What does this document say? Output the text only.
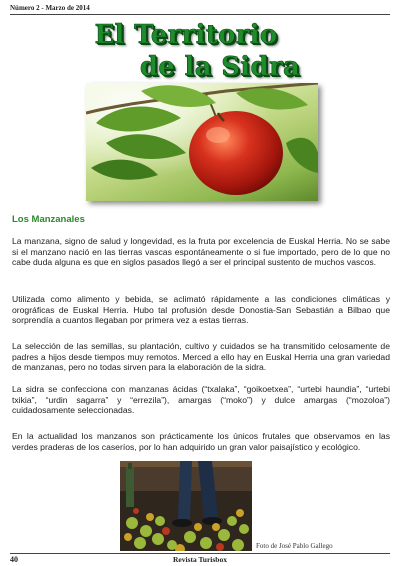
Número 2 - Marzo de 2014
El Territorio
de la Sidra
Los Manzanales

La manzana, signo de salud y longevidad, es la fruta por excelencia de Euskal Herria. No se sabe si el manzano nació en las tierras vascas espontáneamente o si fue importado, pero de lo que no cabe duda alguna es que en siglos pasados llegó a ser el principal sustento de muchos vascos.

Utilizada como alimento y bebida, se aclimató rápidamente a las condiciones climáticas y orográficas de Euskal Herria. Hubo tal profusión desde Donostia-San Sebastián a Bilbao que sorprendía a cuantos llegaban por primera vez a estas tierras.

La selección de las semillas, su plantación, cultivo y cuidados se ha transmitido celosamente de padres a hijos desde tiempos muy remotos. Merced a ello hay en Euskal Herria una gran variedad de manzanas, pero no todas sirven para la elaboración de la sidra.

La sidra se confecciona con manzanas ácidas (“txalaka”, “goikoetxea”, “urtebi haundia”, “urtebi txikia”, “urdin sagarra” y “errezila”), amargas (“moko”) y dulce amargas (“mozoloa”) cuidadosamente seleccionadas.

En la actualidad los manzanos son prácticamente los únicos frutales que observamos en las verdes praderas de los caseríos, por lo han adquirido un gran valor paisajístico y ecológico.

Foto de José Pablo Gallego
40	Revista Turisbox
